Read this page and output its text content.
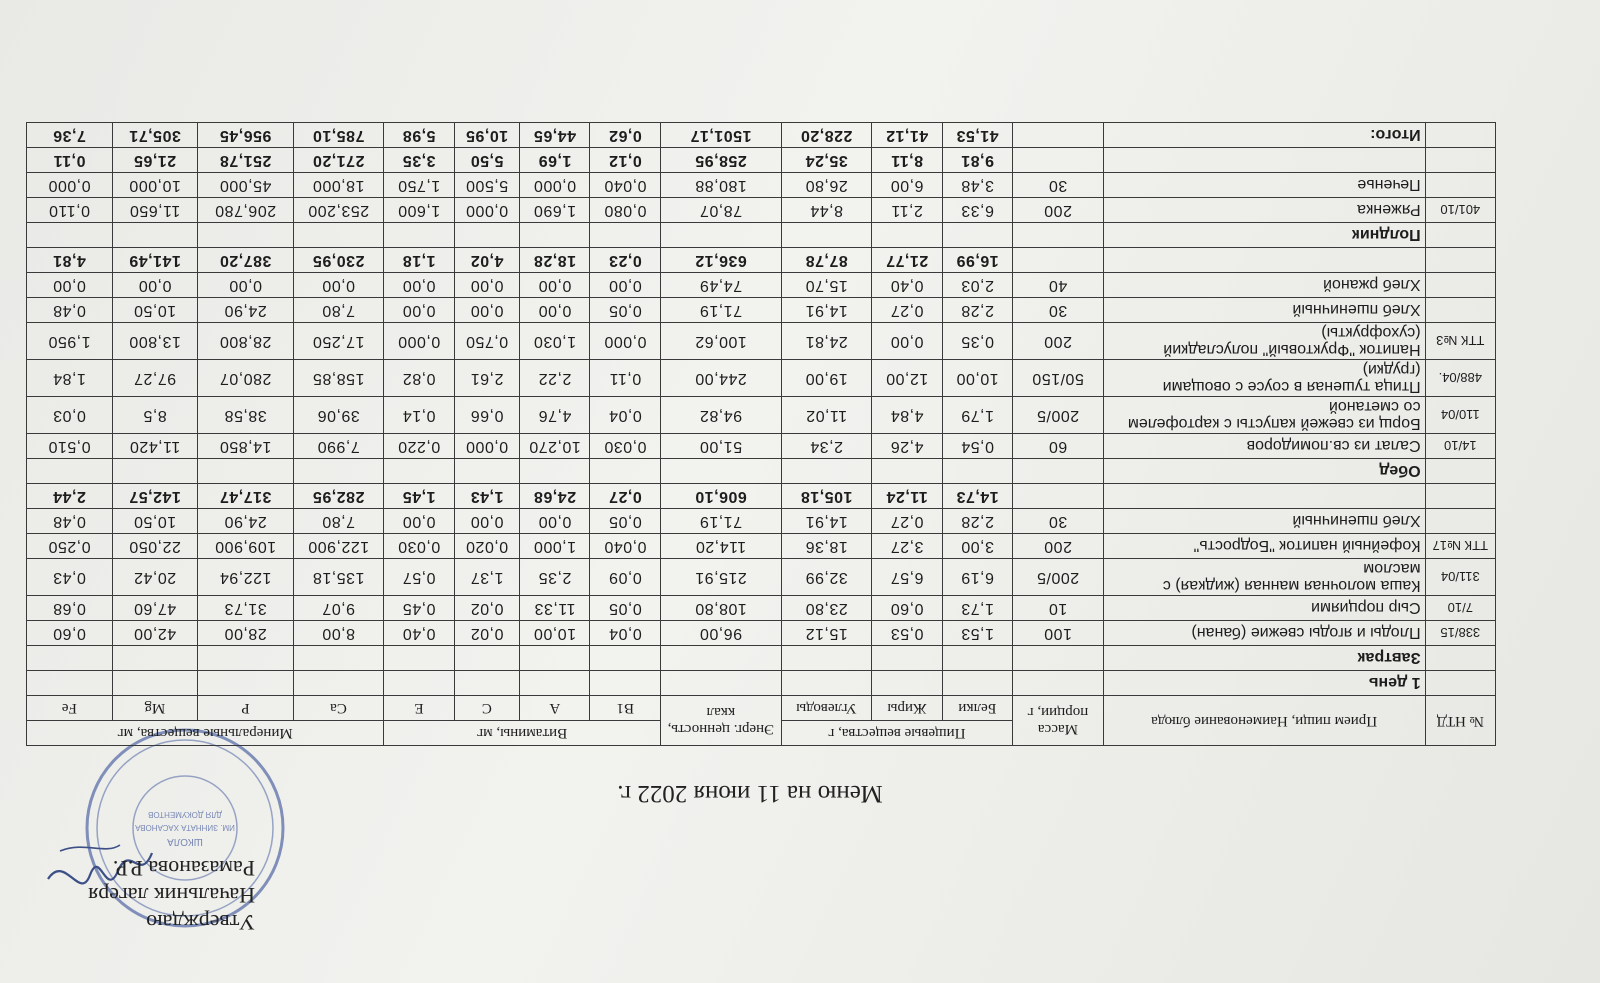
ШКОЛА
ИМ. ЗИННАТА ХАСАНОВА
ДЛЯ ДОКУМЕНТОВ
Утверждаю
Начальник лагеря
Рамазанова Р.Р.
Меню на 11 июня 2022 г.
№ НТД	Прием пищи, Наименование блюда	Масса порции, г	Пищевые вещества, г			Энерг. ценность, ккал	Витамины, мг				Минеральные вещества, мг			
			Белки	Жиры	Углеводы		B1	А	С	Е	Ca	P	Mg	Fe
	1 день													
	Завтрак													
338/15	Плоды и ягоды свежие (банан)	100	1,53	0,53	15,12	96,00	0,04	10,00	0,02	0,40	8,00	28,00	42,00	0,60
7/10	Сыр порциями	10	1,73	0,60	23,80	108,80	0,05	11,33	0,02	0,45	9,07	31,73	47,60	0,68
311/04	Каша молочная манная (жидкая) с маслом	200/5	6,19	6,57	32,99	215,91	0,09	2,35	1,37	0,57	135,18	122,94	20,42	0,43
ТТК №17	Кофейный напиток "Бодрость"	200	3,00	3,27	18,36	114,20	0,040	1,000	0,020	0,030	122,900	109,900	22,050	0,250
	Хлеб пшеничный	30	2,28	0,27	14,91	71,19	0,05	0,00	0,00	0,00	7,80	24,90	10,50	0,48
			14,73	11,24	105,18	606,10	0,27	24,68	1,43	1,45	282,95	317,47	142,57	2,44
	Обед													
14/10	Салат из св.помидоров	60	0,54	4,26	2,34	51,00	0,030	10,270	0,000	0,220	7,990	14,850	11,420	0,510
110/04	Борщ из свежей капусты с картофелем со сметаной	200/5	1,79	4,84	11,02	94,82	0,04	4,76	0,66	0,14	39,06	38,58	8,5	0,03
488/04.	Птица тушеная в соусе с овощами (грудки)	50/150	10,00	12,00	19,00	244,00	0,11	2,22	2,61	0,82	158,85	280,07	97,27	1,84
ТТК №3	Напиток "Фруктовый" полусладкий (сухофрукты)	200	0,35	0,00	24,81	100,62	0,000	1,030	0,750	0,000	17,250	28,800	13,800	1,950
	Хлеб пшеничный	30	2,28	0,27	14,91	71,19	0,05	0,00	0,00	0,00	7,80	24,90	10,50	0,48
	Хлеб ржаной	40	2,03	0,40	15,70	74,49	0,00	0,00	0,00	0,00	0,00	0,00	0,00	0,00
			16,99	21,77	87,78	636,12	0,23	18,28	4,02	1,18	230,95	387,20	141,49	4,81
	Полдник													
401/10	Ряженка	200	6,33	2,11	8,44	78,07	0,080	1,690	0,000	1,600	253,200	206,780	11,650	0,110
	Печенье	30	3,48	6,00	26,80	180,88	0,040	0,000	5,500	1,750	18,000	45,000	10,000	0,000
			9,81	8,11	35,24	258,95	0,12	1,69	5,50	3,35	271,20	251,78	21,65	0,11
	Итого:		41,53	41,12	228,20	1501,17	0,62	44,65	10,95	5,98	785,10	956,45	305,71	7,36
